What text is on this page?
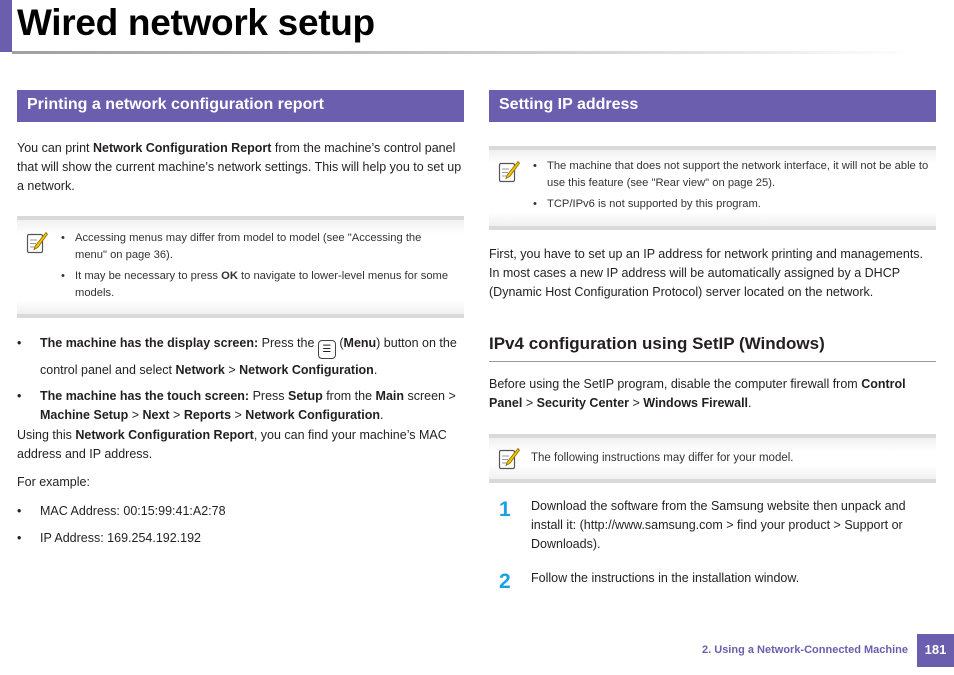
Wired network setup
Printing a network configuration report

You can print Network Configuration Report from the machine’s control panel that will show the current machine’s network settings. This will help you to set up a network.

• Accessing menus may differ from model to model (see "Accessing the menu" on page 36).
• It may be necessary to press OK to navigate to lower-level menus for some models.
• The machine has the display screen: Press the ☰ (Menu) button on the control panel and select Network > Network Configuration.
• The machine has the touch screen: Press Setup from the Main screen > Machine Setup > Next > Reports > Network Configuration.

Using this Network Configuration Report, you can find your machine’s MAC address and IP address.

For example:

• MAC Address: 00:15:99:41:A2:78
• IP Address: 169.254.192.192
Setting IP address
• The machine that does not support the network interface, it will not be able to use this feature (see "Rear view" on page 25).
• TCP/IPv6 is not supported by this program.

First, you have to set up an IP address for network printing and managements. In most cases a new IP address will be automatically assigned by a DHCP (Dynamic Host Configuration Protocol) server located on the network.

IPv4 configuration using SetIP (Windows)

Before using the SetIP program, disable the computer firewall from Control Panel > Security Center > Windows Firewall.

The following instructions may differ for your model.
1 Download the software from the Samsung website then unpack and install it: (http://www.samsung.com > find your product > Support or Downloads).

2 Follow the instructions in the installation window.

2. Using a Network-Connected Machine	181
